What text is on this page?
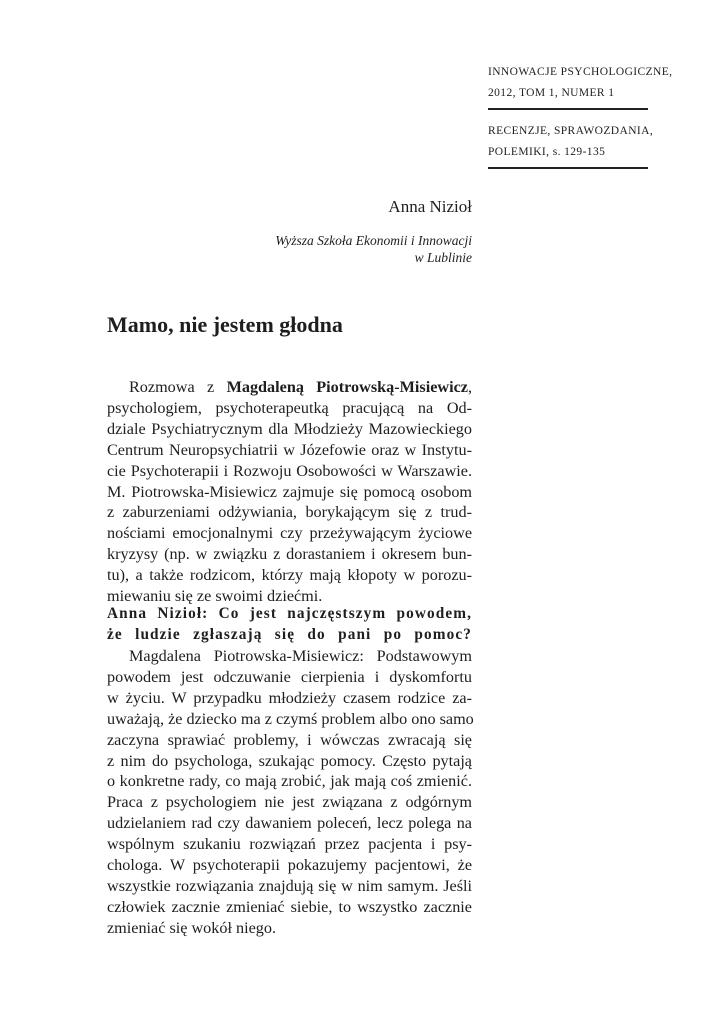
INNOWACJE PSYCHOLOGICZNE,
2012, TOM 1, NUMER 1
RECENZJE, SPRAWOZDANIA,
POLEMIKI, s. 129-135
Anna Nizioł
Wyższa Szkoła Ekonomii i Innowacji
w Lublinie
Mamo, nie jestem głodna
Rozmowa z Magdaleną Piotrowską-Misiewicz,
psychologiem, psychoterapeutką pracującą na Od-
dziale Psychiatrycznym dla Młodzieży Mazowieckiego
Centrum Neuropsychiatrii w Józefowie oraz w Instytu-
cie Psychoterapii i Rozwoju Osobowości w Warszawie.
M. Piotrowska-Misiewicz zajmuje się pomocą osobom
z zaburzeniami odżywiania, borykającym się z trud-
nościami emocjonalnymi czy przeżywającym życiowe
kryzysy (np. w związku z dorastaniem i okresem bun-
tu), a także rodzicom, którzy mają kłopoty w porozu-
miewaniu się ze swoimi dziećmi.
Anna Nizioł: Co jest najczęstszym powodem,
że ludzie zgłaszają się do pani po pomoc?
Magdalena Piotrowska-Misiewicz: Podstawowym
powodem jest odczuwanie cierpienia i dyskomfortu
w życiu. W przypadku młodzieży czasem rodzice za-
uważają, że dziecko ma z czymś problem albo ono samo
zaczyna sprawiać problemy, i wówczas zwracają się
z nim do psychologa, szukając pomocy. Często pytają
o konkretne rady, co mają zrobić, jak mają coś zmienić.
Praca z psychologiem nie jest związana z odgórnym
udzielaniem rad czy dawaniem poleceń, lecz polega na
wspólnym szukaniu rozwiązań przez pacjenta i psy-
chologa. W psychoterapii pokazujemy pacjentowi, że
wszystkie rozwiązania znajdują się w nim samym. Jeśli
człowiek zacznie zmieniać siebie, to wszystko zacznie
zmieniać się wokół niego.
